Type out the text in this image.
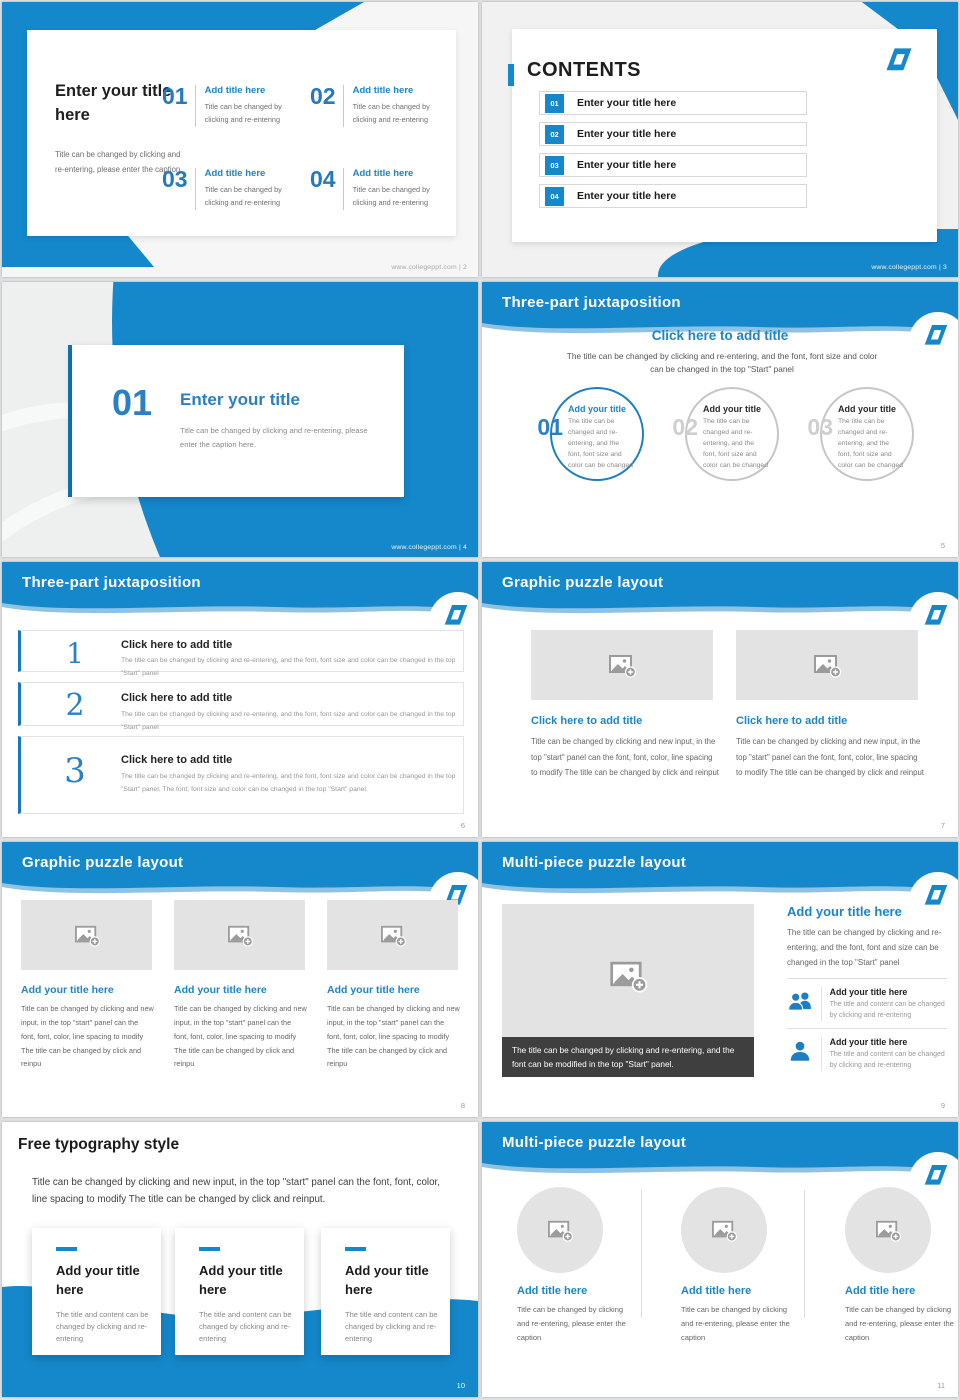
Enter your title here
Title can be changed by clicking and re-entering, please enter the caption
01 Add title here
Title can be changed by clicking and re-entering
02 Add title here
Title can be changed by clicking and re-entering
03 Add title here
Title can be changed by clicking and re-entering
04 Add title here
Title can be changed by clicking and re-entering
www.collegeppt.com | 2
CONTENTS
01	Enter your title here
02	Enter your title here
03	Enter your title here
04	Enter your title here
www.collegeppt.com | 3
01 Enter your title
Title can be changed by clicking and re-entering, please enter the caption here.
www.collegeppt.com | 4
Three-part juxtaposition
Click here to add title
The title can be changed by clicking and re-entering, and the font, font size and color can be changed in the top "Start" panel
01
Add your title
The title can be changed and re-entering, and the font, font size and color can be changed
02
Add your title
The title can be changed and re-entering, and the font, font size and color can be changed
03
Add your title
The title can be changed and re-entering, and the font, font size and color can be changed
5
Three-part juxtaposition
1	Click here to add title
The title can be changed by clicking and re-entering, and the font, font size and color can be changed in the top "Start" panel
2	Click here to add title
The title can be changed by clicking and re-entering, and the font, font size and color can be changed in the top "Start" panel
3	Click here to add title
The title can be changed by clicking and re-entering, and the font, font size and color can be changed in the top "Start" panel. The font, font size and color can be changed in the top "Start" panel.
6
Graphic puzzle layout
Click here to add title
Title can be changed by clicking and new input, in the top "start" panel can the font, font, color, line spacing to modify The title can be changed by click and reinput
Click here to add title
Title can be changed by clicking and new input, in the top "start" panel can the font, font, color, line spacing to modify The title can be changed by click and reinput
7
Graphic puzzle layout
Add your title here
Title can be changed by clicking and new input, in the top "start" panel can the font, font, color, line spacing to modify The title can be changed by click and reinpu
Add your title here
Title can be changed by clicking and new input, in the top "start" panel can the font, font, color, line spacing to modify The title can be changed by click and reinpu
Add your title here
Title can be changed by clicking and new input, in the top "start" panel can the font, font, color, line spacing to modify The title can be changed by click and reinpu
8
Multi-piece puzzle layout
The title can be changed by clicking and re-entering, and the font can be modified in the top "Start" panel.
Add your title here
The title can be changed by clicking and re-entering, and the font, font and size can be changed in the top "Start" panel
Add your title here
The title and content can be changed by clicking and re-entering
Add your title here
The title and content can be changed by clicking and re-entering
9
Free typography style
Title can be changed by clicking and new input, in the top "start" panel can the font, font, color, line spacing to modify The title can be changed by click and reinput.
Add your title here
The title and content can be changed by clicking and re-entering
Add your title here
The title and content can be changed by clicking and re-entering
Add your title here
The title and content can be changed by clicking and re-entering
10
Multi-piece puzzle layout
Add title here
Title can be changed by clicking and re-entering, please enter the caption
Add title here
Title can be changed by clicking and re-entering, please enter the caption
Add title here
Title can be changed by clicking and re-entering, please enter the caption
11
